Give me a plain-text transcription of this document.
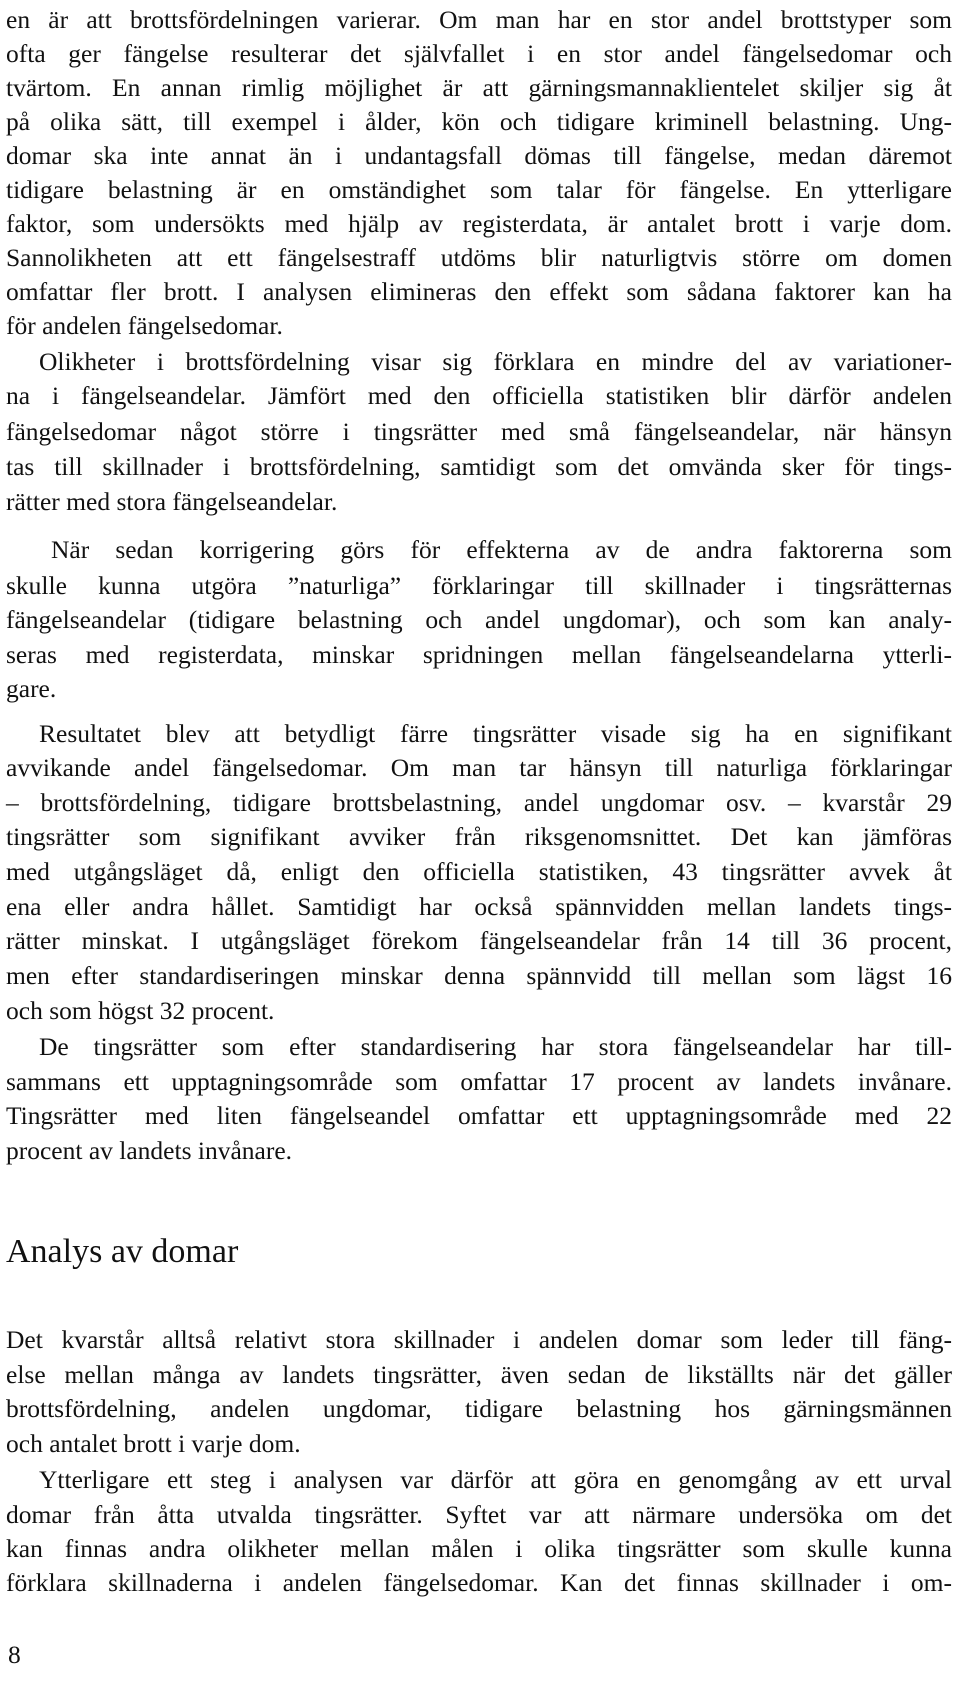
en är att brottsfördelningen varierar. Om man har en stor andel brottstyper som
ofta ger fängelse resulterar det självfallet i en stor andel fängelsedomar och
tvärtom. En annan rimlig möjlighet är att gärningsmannaklientelet skiljer sig åt
på olika sätt, till exempel i ålder, kön och tidigare kriminell belastning. Ung-
domar ska inte annat än i undantagsfall dömas till fängelse, medan däremot
tidigare belastning är en omständighet som talar för fängelse. En ytterligare
faktor, som undersökts med hjälp av registerdata, är antalet brott i varje dom.
Sannolikheten att ett fängelsestraff utdöms blir naturligtvis större om domen
omfattar fler brott. I analysen elimineras den effekt som sådana faktorer kan ha
för andelen fängelsedomar.
Olikheter i brottsfördelning visar sig förklara en mindre del av variationer-
na i fängelseandelar. Jämfört med den officiella statistiken blir därför andelen
fängelsedomar något större i tingsrätter med små fängelseandelar, när hänsyn
tas till skillnader i brottsfördelning, samtidigt som det omvända sker för tings-
rätter med stora fängelseandelar.
När sedan korrigering görs för effekterna av de andra faktorerna som
skulle kunna utgöra ”naturliga” förklaringar till skillnader i tingsrätternas
fängelseandelar (tidigare belastning och andel ungdomar), och som kan analy-
seras med registerdata, minskar spridningen mellan fängelseandelarna ytterli-
gare.
Resultatet blev att betydligt färre tingsrätter visade sig ha en signifikant
avvikande andel fängelsedomar. Om man tar hänsyn till naturliga förklaringar
– brottsfördelning, tidigare brottsbelastning, andel ungdomar osv. – kvarstår 29
tingsrätter som signifikant avviker från riksgenomsnittet. Det kan jämföras
med utgångsläget då, enligt den officiella statistiken, 43 tingsrätter avvek åt
ena eller andra hållet. Samtidigt har också spännvidden mellan landets tings-
rätter minskat. I utgångsläget förekom fängelseandelar från 14 till 36 procent,
men efter standardiseringen minskar denna spännvidd till mellan som lägst 16
och som högst 32 procent.
De tingsrätter som efter standardisering har stora fängelseandelar har till-
sammans ett upptagningsområde som omfattar 17 procent av landets invånare.
Tingsrätter med liten fängelseandel omfattar ett upptagningsområde med 22
procent av landets invånare.
Analys av domar
Det kvarstår alltså relativt stora skillnader i andelen domar som leder till fäng-
else mellan många av landets tingsrätter, även sedan de likställts när det gäller
brottsfördelning, andelen ungdomar, tidigare belastning hos gärningsmännen
och antalet brott i varje dom.
Ytterligare ett steg i analysen var därför att göra en genomgång av ett urval
domar från åtta utvalda tingsrätter. Syftet var att närmare undersöka om det
kan finnas andra olikheter mellan målen i olika tingsrätter som skulle kunna
förklara skillnaderna i andelen fängelsedomar. Kan det finnas skillnader i om-
8
